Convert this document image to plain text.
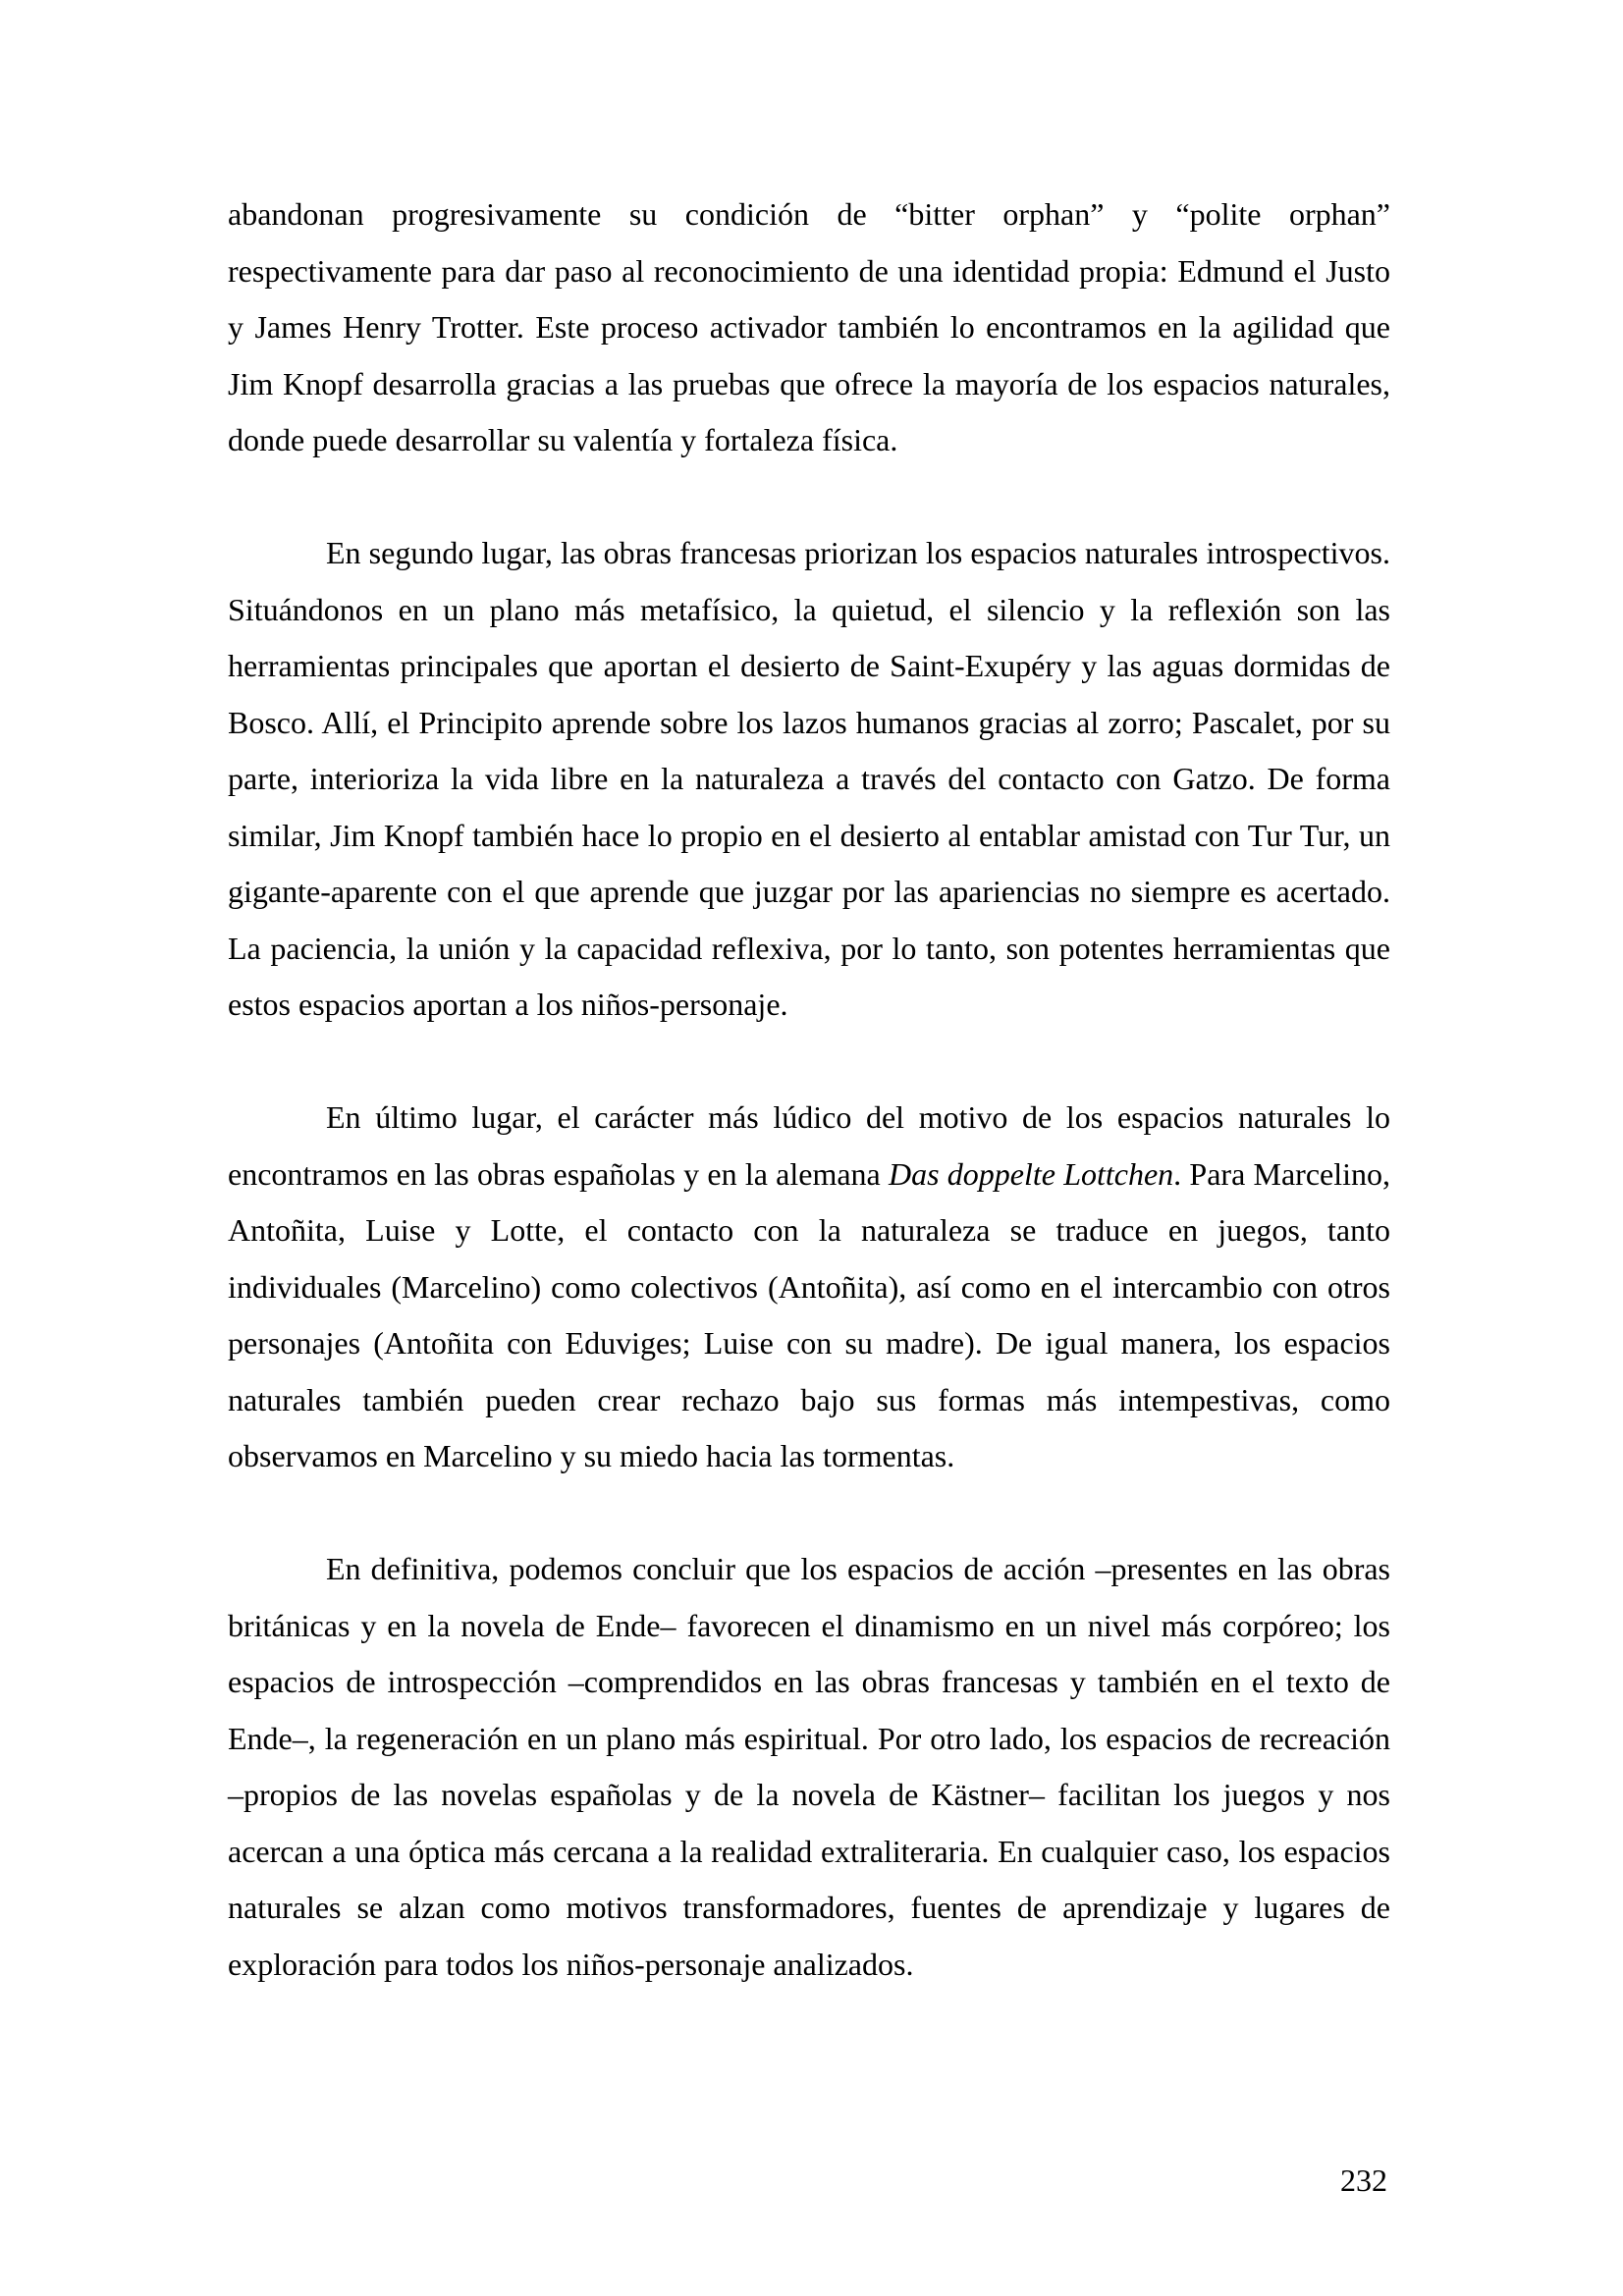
abandonan progresivamente su condición de “bitter orphan” y “polite orphan” respectivamente para dar paso al reconocimiento de una identidad propia: Edmund el Justo y James Henry Trotter. Este proceso activador también lo encontramos en la agilidad que Jim Knopf desarrolla gracias a las pruebas que ofrece la mayoría de los espacios naturales, donde puede desarrollar su valentía y fortaleza física.

En segundo lugar, las obras francesas priorizan los espacios naturales introspectivos. Situándonos en un plano más metafísico, la quietud, el silencio y la reflexión son las herramientas principales que aportan el desierto de Saint-Exupéry y las aguas dormidas de Bosco. Allí, el Principito aprende sobre los lazos humanos gracias al zorro; Pascalet, por su parte, interioriza la vida libre en la naturaleza a través del contacto con Gatzo. De forma similar, Jim Knopf también hace lo propio en el desierto al entablar amistad con Tur Tur, un gigante-aparente con el que aprende que juzgar por las apariencias no siempre es acertado. La paciencia, la unión y la capacidad reflexiva, por lo tanto, son potentes herramientas que estos espacios aportan a los niños-personaje.

En último lugar, el carácter más lúdico del motivo de los espacios naturales lo encontramos en las obras españolas y en la alemana Das doppelte Lottchen. Para Marcelino, Antoñita, Luise y Lotte, el contacto con la naturaleza se traduce en juegos, tanto individuales (Marcelino) como colectivos (Antoñita), así como en el intercambio con otros personajes (Antoñita con Eduviges; Luise con su madre). De igual manera, los espacios naturales también pueden crear rechazo bajo sus formas más intempestivas, como observamos en Marcelino y su miedo hacia las tormentas.

En definitiva, podemos concluir que los espacios de acción –presentes en las obras británicas y en la novela de Ende– favorecen el dinamismo en un nivel más corpóreo; los espacios de introspección –comprendidos en las obras francesas y también en el texto de Ende–, la regeneración en un plano más espiritual. Por otro lado, los espacios de recreación –propios de las novelas españolas y de la novela de Kästner– facilitan los juegos y nos acercan a una óptica más cercana a la realidad extraliteraria. En cualquier caso, los espacios naturales se alzan como motivos transformadores, fuentes de aprendizaje y lugares de exploración para todos los niños-personaje analizados.

232
